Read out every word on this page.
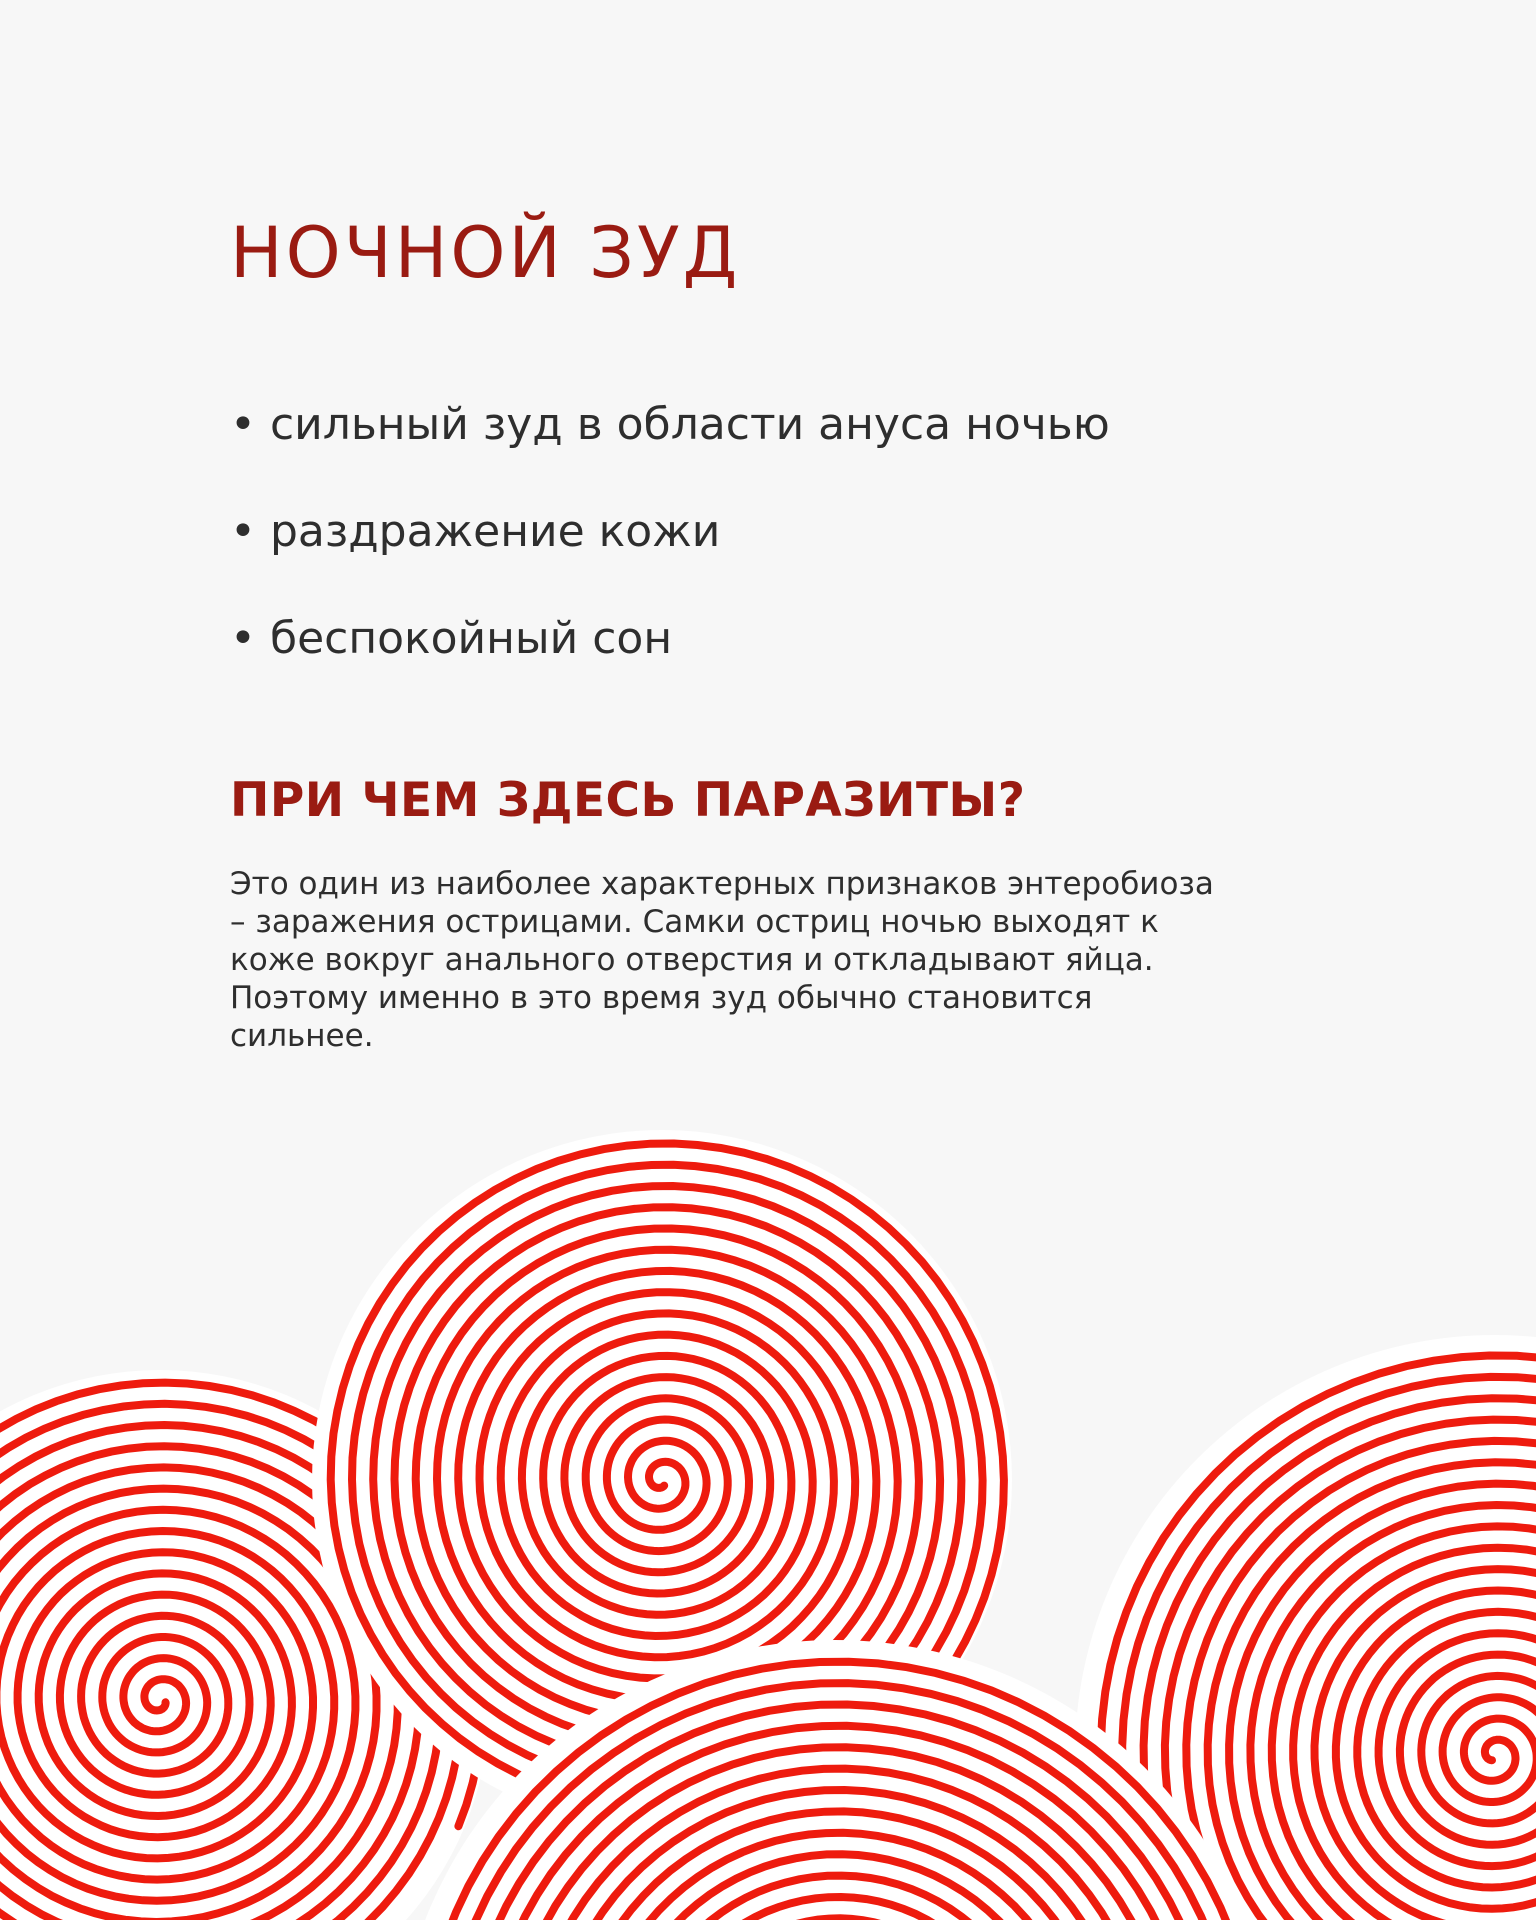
НОЧНОЙ ЗУД
• сильный зуд в области ануса ночью
• раздражение кожи
• беспокойный сон
ПРИ ЧЕМ ЗДЕСЬ ПАРАЗИТЫ?

Это один из наиболее характерных признаков энтеробиоза
– заражения острицами. Самки остриц ночью выходят к
коже вокруг анального отверстия и откладывают яйца.
Поэтому именно в это время зуд обычно становится
сильнее.
